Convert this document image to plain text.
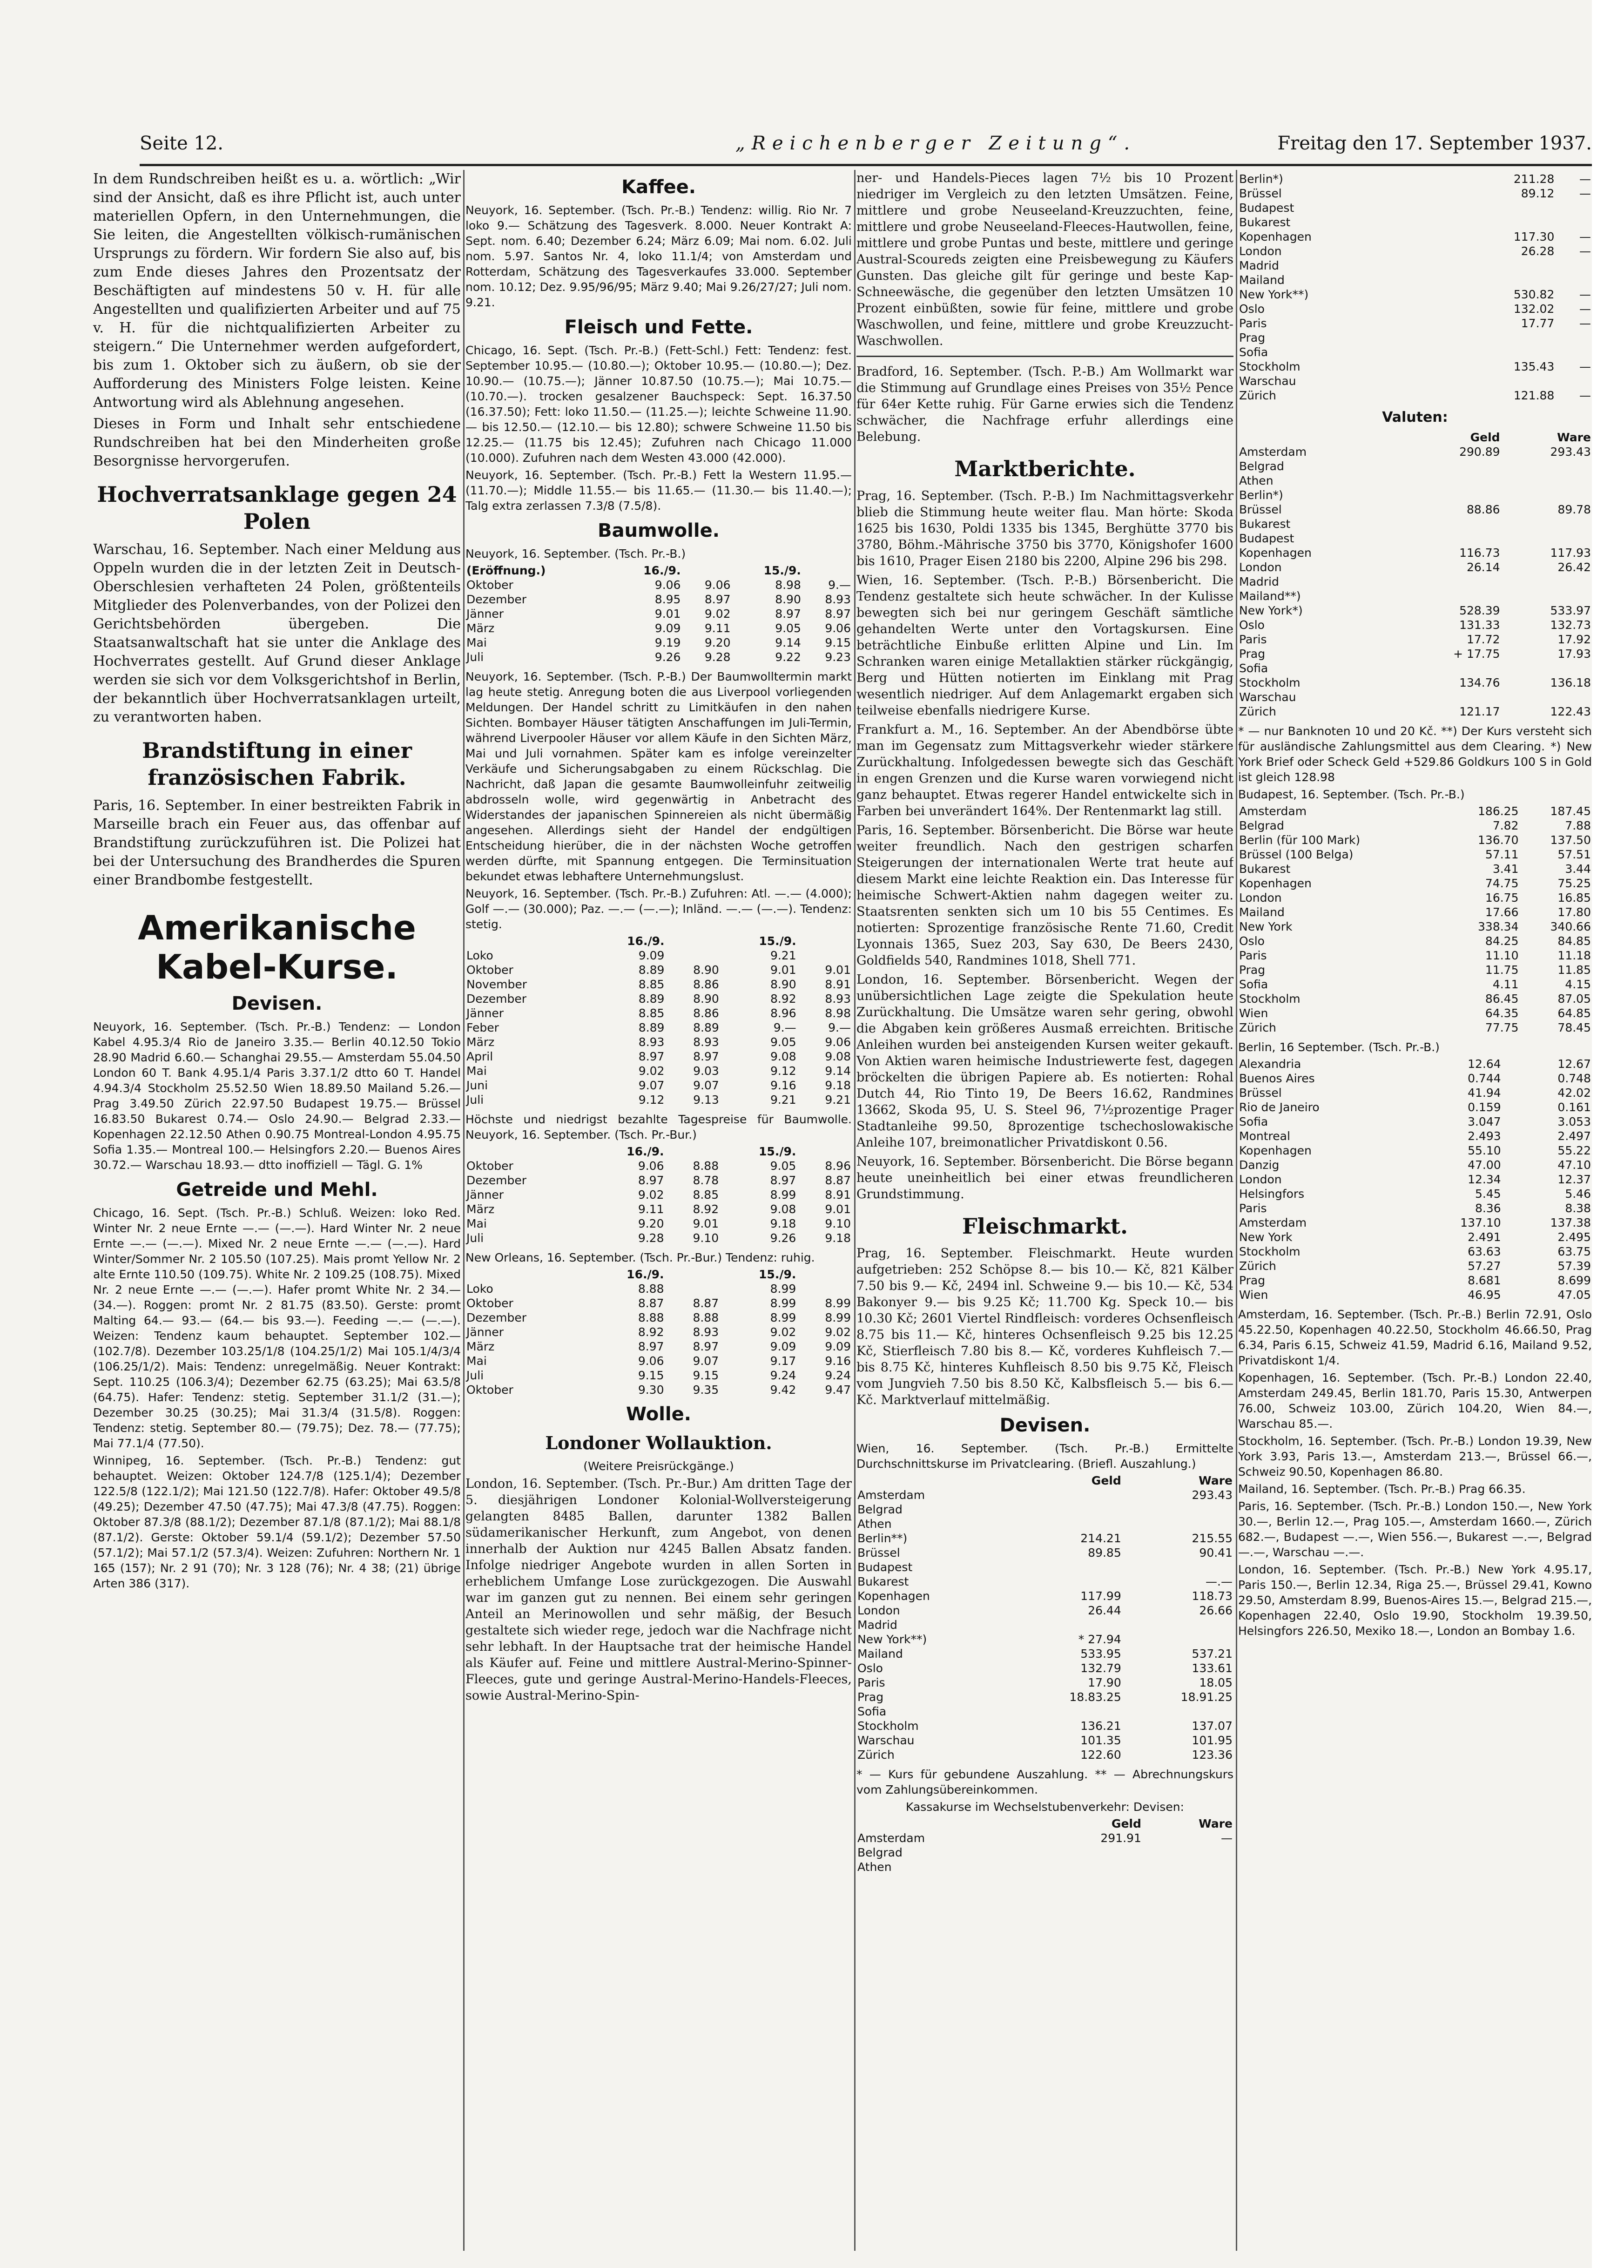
Seite 12.	„Reichenberger Zeitung“.	Freitag den 17. September 1937.

In dem Rundschreiben heißt es u. a. wörtlich: „Wir sind der Ansicht, daß es ihre Pflicht ist, auch unter materiellen Opfern, in den Unternehmungen, die Sie leiten, die Angestellten völkisch-rumänischen Ursprungs zu fördern. Wir fordern Sie also auf, bis zum Ende dieses Jahres den Prozentsatz der Beschäftigten auf mindestens 50 v. H. für alle Angestellten und qualifizierten Arbeiter und auf 75 v. H. für die nichtqualifizierten Arbeiter zu steigern.“ Die Unternehmer werden aufgefordert, bis zum 1. Oktober sich zu äußern, ob sie der Aufforderung des Ministers Folge leisten. Keine Antwortung wird als Ablehnung angesehen.

Dieses in Form und Inhalt sehr entschiedene Rundschreiben hat bei den Minderheiten große Besorgnisse hervorgerufen.

Hochverratsanklage gegen 24 Polen

Warschau, 16. September. Nach einer Meldung aus Oppeln wurden die in der letzten Zeit in Deutsch-Oberschlesien verhafteten 24 Polen, größtenteils Mitglieder des Polenverbandes, von der Polizei den Gerichtsbehörden übergeben. Die Staatsanwaltschaft hat sie unter die Anklage des Hochverrates gestellt. Auf Grund dieser Anklage werden sie sich vor dem Volksgerichtshof in Berlin, der bekanntlich über Hochverratsanklagen urteilt, zu verantworten haben.

Brandstiftung in einer französischen Fabrik.

Paris, 16. September. In einer bestreikten Fabrik in Marseille brach ein Feuer aus, das offenbar auf Brandstiftung zurückzuführen ist. Die Polizei hat bei der Untersuchung des Brandherdes die Spuren einer Brandbombe festgestellt.

Amerikanische Kabel-Kurse.
Devisen.

Neuyork, 16. September. (Tsch. Pr.-B.) Tendenz: — London Kabel 4.95.3/4 Rio de Janeiro 3.35.— Berlin 40.12.50 Tokio 28.90 Madrid 6.60.— Schanghai 29.55.— Amsterdam 55.04.50 London 60 T. Bank 4.95.1/4 Paris 3.37.1/2 dtto 60 T. Handel 4.94.3/4 Stockholm 25.52.50 Wien 18.89.50 Mailand 5.26.— Prag 3.49.50 Zürich 22.97.50 Budapest 19.75.— Brüssel 16.83.50 Bukarest 0.74.— Oslo 24.90.— Belgrad 2.33.— Kopenhagen 22.12.50 Athen 0.90.75 Montreal-London 4.95.75 Sofia 1.35.— Montreal 100.— Helsingfors 2.20.— Buenos Aires 30.72.— Warschau 18.93.— dtto inoffiziell — Tägl. G. 1%

Getreide und Mehl.

Chicago, 16. Sept. (Tsch. Pr.-B.) Schluß. Weizen: loko Red. Winter Nr. 2 neue Ernte —.— (—.—). Hard Winter Nr. 2 neue Ernte —.— (—.—). Mixed Nr. 2 neue Ernte —.— (—.—). Hard Winter/Sommer Nr. 2 105.50 (107.25). Mais promt Yellow Nr. 2 alte Ernte 110.50 (109.75). White Nr. 2 109.25 (108.75). Mixed Nr. 2 neue Ernte —.— (—.—). Hafer promt White Nr. 2 34.— (34.—). Roggen: promt Nr. 2 81.75 (83.50). Gerste: promt Malting 64.— 93.— (64.— bis 93.—). Feeding —.— (—.—). Weizen: Tendenz kaum behauptet. September 102.— (102.7/8). Dezember 103.25/1/8 (104.25/1/2) Mai 105.1/4/3/4 (106.25/1/2). Mais: Tendenz: unregelmäßig. Neuer Kontrakt: Sept. 110.25 (106.3/4); Dezember 62.75 (63.25); Mai 63.5/8 (64.75). Hafer: Tendenz: stetig. September 31.1/2 (31.—); Dezember 30.25 (30.25); Mai 31.3/4 (31.5/8). Roggen: Tendenz: stetig. September 80.— (79.75); Dez. 78.— (77.75); Mai 77.1/4 (77.50).

Winnipeg, 16. September. (Tsch. Pr.-B.) Tendenz: gut behauptet. Weizen: Oktober 124.7/8 (125.1/4); Dezember 122.5/8 (122.1/2); Mai 121.50 (122.7/8). Hafer: Oktober 49.5/8 (49.25); Dezember 47.50 (47.75); Mai 47.3/8 (47.75). Roggen: Oktober 87.3/8 (88.1/2); Dezember 87.1/8 (87.1/2); Mai 88.1/8 (87.1/2). Gerste: Oktober 59.1/4 (59.1/2); Dezember 57.50 (57.1/2); Mai 57.1/2 (57.3/4). Weizen: Zufuhren: Northern Nr. 1 165 (157); Nr. 2 91 (70); Nr. 3 128 (76); Nr. 4 38; (21) übrige Arten 386 (317).

Kaffee.

Neuyork, 16. September. (Tsch. Pr.-B.) Tendenz: willig. Rio Nr. 7 loko 9.— Schätzung des Tagesverk. 8.000. Neuer Kontrakt A: Sept. nom. 6.40; Dezember 6.24; März 6.09; Mai nom. 6.02. Juli nom. 5.97. Santos Nr. 4, loko 11.1/4; von Amsterdam und Rotterdam, Schätzung des Tagesverkaufes 33.000. September nom. 10.12; Dez. 9.95/96/95; März 9.40; Mai 9.26/27/27; Juli nom. 9.21.

Fleisch und Fette.

Chicago, 16. Sept. (Tsch. Pr.-B.) (Fett-Schl.) Fett: Tendenz: fest. September 10.95.— (10.80.—); Oktober 10.95.— (10.80.—); Dez. 10.90.— (10.75.—); Jänner 10.87.50 (10.75.—); Mai 10.75.— (10.70.—). trocken gesalzener Bauchspeck: Sept. 16.37.50 (16.37.50); Fett: loko 11.50.— (11.25.—); leichte Schweine 11.90.— bis 12.50.— (12.10.— bis 12.80); schwere Schweine 11.50 bis 12.25.— (11.75 bis 12.45); Zufuhren nach Chicago 11.000 (10.000). Zufuhren nach dem Westen 43.000 (42.000).

Neuyork, 16. September. (Tsch. Pr.-B.) Fett la Western 11.95.— (11.70.—); Middle 11.55.— bis 11.65.— (11.30.— bis 11.40.—); Talg extra zerlassen 7.3/8 (7.5/8).

Baumwolle.

Neuyork, 16. September. (Tsch. Pr.-B.)

(Eröffnung.)	16./9.		15./9.	
Oktober	9.06	9.06	8.98	9.—
Dezember	8.95	8.97	8.90	8.93
Jänner	9.01	9.02	8.97	8.97
März	9.09	9.11	9.05	9.06
Mai	9.19	9.20	9.14	9.15
Juli	9.26	9.28	9.22	9.23

Neuyork, 16. September. (Tsch. P.-B.) Der Baumwolltermin markt lag heute stetig. Anregung boten die aus Liverpool vorliegenden Meldungen. Der Handel schritt zu Limitkäufen in den nahen Sichten. Bombayer Häuser tätigten Anschaffungen im Juli-Termin, während Liverpooler Häuser vor allem Käufe in den Sichten März, Mai und Juli vornahmen. Später kam es infolge vereinzelter Verkäufe und Sicherungsabgaben zu einem Rückschlag. Die Nachricht, daß Japan die gesamte Baumwolleinfuhr zeitweilig abdrosseln wolle, wird gegenwärtig in Anbetracht des Widerstandes der japanischen Spinnereien als nicht übermäßig angesehen. Allerdings sieht der Handel der endgültigen Entscheidung hierüber, die in der nächsten Woche getroffen werden dürfte, mit Spannung entgegen. Die Terminsituation bekundet etwas lebhaftere Unternehmungslust.

Neuyork, 16. September. (Tsch. Pr.-B.) Zufuhren: Atl. —.— (4.000); Golf —.— (30.000); Paz. —.— (—.—); Inländ. —.— (—.—). Tendenz: stetig.

	16./9.		15./9.	
Loko	9.09		9.21	
Oktober	8.89	8.90	9.01	9.01
November	8.85	8.86	8.90	8.91
Dezember	8.89	8.90	8.92	8.93
Jänner	8.85	8.86	8.96	8.98
Feber	8.89	8.89	9.—	9.—
März	8.93	8.93	9.05	9.06
April	8.97	8.97	9.08	9.08
Mai	9.02	9.03	9.12	9.14
Juni	9.07	9.07	9.16	9.18
Juli	9.12	9.13	9.21	9.21

Höchste und niedrigst bezahlte Tagespreise für Baumwolle. Neuyork, 16. September. (Tsch. Pr.-Bur.)

	16./9.		15./9.	
Oktober	9.06	8.88	9.05	8.96
Dezember	8.97	8.78	8.97	8.87
Jänner	9.02	8.85	8.99	8.91
März	9.11	8.92	9.08	9.01
Mai	9.20	9.01	9.18	9.10
Juli	9.28	9.10	9.26	9.18

New Orleans, 16. September. (Tsch. Pr.-Bur.) Tendenz: ruhig.

	16./9.		15./9.	
Loko	8.88		8.99	
Oktober	8.87	8.87	8.99	8.99
Dezember	8.88	8.88	8.99	8.99
Jänner	8.92	8.93	9.02	9.02
März	8.97	8.97	9.09	9.09
Mai	9.06	9.07	9.17	9.16
Juli	9.15	9.15	9.24	9.24
Oktober	9.30	9.35	9.42	9.47
Wolle.
Londoner Wollauktion.

(Weitere Preisrückgänge.)

London, 16. September. (Tsch. Pr.-Bur.) Am dritten Tage der 5. diesjährigen Londoner Kolonial-Wollversteigerung gelangten 8485 Ballen, darunter 1382 Ballen südamerikanischer Herkunft, zum Angebot, von denen innerhalb der Auktion nur 4245 Ballen Absatz fanden. Infolge niedriger Angebote wurden in allen Sorten in erheblichem Umfange Lose zurückgezogen. Die Auswahl war im ganzen gut zu nennen. Bei einem sehr geringen Anteil an Merinowollen und sehr mäßig, der Besuch gestaltete sich wieder rege, jedoch war die Nachfrage nicht sehr lebhaft. In der Hauptsache trat der heimische Handel als Käufer auf. Feine und mittlere Austral-Merino-Spinner-Fleeces, gute und geringe Austral-Merino-Handels-Fleeces, sowie Austral-Merino-Spin-

ner- und Handels-Pieces lagen 7½ bis 10 Prozent niedriger im Vergleich zu den letzten Umsätzen. Feine, mittlere und grobe Neuseeland-Kreuzzuchten, feine, mittlere und grobe Neuseeland-Fleeces-Hautwollen, feine, mittlere und grobe Puntas und beste, mittlere und geringe Austral-Scoureds zeigten eine Preisbewegung zu Käufers Gunsten. Das gleiche gilt für geringe und beste Kap-Schneewäsche, die gegenüber den letzten Umsätzen 10 Prozent einbüßten, sowie für feine, mittlere und grobe Waschwollen, und feine, mittlere und grobe Kreuzzucht-Waschwollen.

Bradford, 16. September. (Tsch. P.-B.) Am Wollmarkt war die Stimmung auf Grundlage eines Preises von 35½ Pence für 64er Kette ruhig. Für Garne erwies sich die Tendenz schwächer, die Nachfrage erfuhr allerdings eine Belebung.

Marktberichte.

Prag, 16. September. (Tsch. P.-B.) Im Nachmittagsverkehr blieb die Stimmung heute weiter flau. Man hörte: Skoda 1625 bis 1630, Poldi 1335 bis 1345, Berghütte 3770 bis 3780, Böhm.-Mährische 3750 bis 3770, Königshofer 1600 bis 1610, Prager Eisen 2180 bis 2200, Alpine 296 bis 298.

Wien, 16. September. (Tsch. P.-B.) Börsenbericht. Die Tendenz gestaltete sich heute schwächer. In der Kulisse bewegten sich bei nur geringem Geschäft sämtliche gehandelten Werte unter den Vortagskursen. Eine beträchtliche Einbuße erlitten Alpine und Lin. Im Schranken waren einige Metallaktien stärker rückgängig, Berg und Hütten notierten im Einklang mit Prag wesentlich niedriger. Auf dem Anlagemarkt ergaben sich teilweise ebenfalls niedrigere Kurse.

Frankfurt a. M., 16. September. An der Abendbörse übte man im Gegensatz zum Mittagsverkehr wieder stärkere Zurückhaltung. Infolgedessen bewegte sich das Geschäft in engen Grenzen und die Kurse waren vorwiegend nicht ganz behauptet. Etwas regerer Handel entwickelte sich in Farben bei unverändert 164%. Der Rentenmarkt lag still.

Paris, 16. September. Börsenbericht. Die Börse war heute weiter freundlich. Nach den gestrigen scharfen Steigerungen der internationalen Werte trat heute auf diesem Markt eine leichte Reaktion ein. Das Interesse für heimische Schwert-Aktien nahm dagegen weiter zu. Staatsrenten senkten sich um 10 bis 55 Centimes. Es notierten: Sprozentige französische Rente 71.60, Credit Lyonnais 1365, Suez 203, Say 630, De Beers 2430, Goldfields 540, Randmines 1018, Shell 771.

London, 16. September. Börsenbericht. Wegen der unübersichtlichen Lage zeigte die Spekulation heute Zurückhaltung. Die Umsätze waren sehr gering, obwohl die Abgaben kein größeres Ausmaß erreichten. Britische Anleihen wurden bei ansteigenden Kursen weiter gekauft. Von Aktien waren heimische Industriewerte fest, dagegen bröckelten die übrigen Papiere ab. Es notierten: Rohal Dutch 44, Rio Tinto 19, De Beers 16.62, Randmines 13662, Skoda 95, U. S. Steel 96, 7½prozentige Prager Stadtanleihe 99.50, 8prozentige tschechoslowakische Anleihe 107, breimonatlicher Privatdiskont 0.56.

Neuyork, 16. September. Börsenbericht. Die Börse begann heute uneinheitlich bei einer etwas freundlicheren Grundstimmung.

Fleischmarkt.

Prag, 16. September. Fleischmarkt. Heute wurden aufgetrieben: 252 Schöpse 8.— bis 10.— Kč, 821 Kälber 7.50 bis 9.— Kč, 2494 inl. Schweine 9.— bis 10.— Kč, 534 Bakonyer 9.— bis 9.25 Kč; 11.700 Kg. Speck 10.— bis 10.30 Kč; 2601 Viertel Rindfleisch: vorderes Ochsenfleisch 8.75 bis 11.— Kč, hinteres Ochsenfleisch 9.25 bis 12.25 Kč, Stierfleisch 7.80 bis 8.— Kč, vorderes Kuhfleisch 7.— bis 8.75 Kč, hinteres Kuhfleisch 8.50 bis 9.75 Kč, Fleisch vom Jungvieh 7.50 bis 8.50 Kč, Kalbsfleisch 5.— bis 6.— Kč. Marktverlauf mittelmäßig.

Devisen.

Wien, 16. September. (Tsch. Pr.-B.) Ermittelte Durchschnittskurse im Privatclearing. (Briefl. Auszahlung.)

	Geld	Ware
Amsterdam		293.43
Belgrad		
Athen		
Berlin**)	214.21	215.55
Brüssel	89.85	90.41
Budapest		
Bukarest		—.—
Kopenhagen	117.99	118.73
London	26.44	26.66
Madrid		
New York**)	* 27.94	
Mailand	533.95	537.21
Oslo	132.79	133.61
Paris	17.90	18.05
Prag	18.83.25	18.91.25
Sofia		
Stockholm	136.21	137.07
Warschau	101.35	101.95
Zürich	122.60	123.36

* — Kurs für gebundene Auszahlung. ** — Abrechnungskurs vom Zahlungsübereinkommen.

Kassakurse im Wechselstubenverkehr: Devisen:

	Geld	Ware
Amsterdam	291.91	—
Belgrad		
Athen		
Berlin*)	211.28	—
Brüssel	89.12	—
Budapest		
Bukarest		
Kopenhagen	117.30	—
London	26.28	—
Madrid		
Mailand		
New York**)	530.82	—
Oslo	132.02	—
Paris	17.77	—
Prag		
Sofia		
Stockholm	135.43	—
Warschau		
Zürich	121.88	—
Valuten:
	Geld	Ware
Amsterdam	290.89	293.43
Belgrad		
Athen		
Berlin*)		
Brüssel	88.86	89.78
Bukarest		
Budapest		
Kopenhagen	116.73	117.93
London	26.14	26.42
Madrid		
Mailand**)		
New York*)	528.39	533.97
Oslo	131.33	132.73
Paris	17.72	17.92
Prag	+ 17.75	17.93
Sofia		
Stockholm	134.76	136.18
Warschau		
Zürich	121.17	122.43

* — nur Banknoten 10 und 20 Kč. **) Der Kurs versteht sich für ausländische Zahlungsmittel aus dem Clearing. *) New York Brief oder Scheck Geld +529.86 Goldkurs 100 S in Gold ist gleich 128.98

Budapest, 16. September. (Tsch. Pr.-B.)

Amsterdam	186.25	187.45
Belgrad	7.82	7.88
Berlin (für 100 Mark)	136.70	137.50
Brüssel (100 Belga)	57.11	57.51
Bukarest	3.41	3.44
Kopenhagen	74.75	75.25
London	16.75	16.85
Mailand	17.66	17.80
New York	338.34	340.66
Oslo	84.25	84.85
Paris	11.10	11.18
Prag	11.75	11.85
Sofia	4.11	4.15
Stockholm	86.45	87.05
Wien	64.35	64.85
Zürich	77.75	78.45

Berlin, 16 September. (Tsch. Pr.-B.)

Alexandria	12.64	12.67
Buenos Aires	0.744	0.748
Brüssel	41.94	42.02
Rio de Janeiro	0.159	0.161
Sofia	3.047	3.053
Montreal	2.493	2.497
Kopenhagen	55.10	55.22
Danzig	47.00	47.10
London	12.34	12.37
Helsingfors	5.45	5.46
Paris	8.36	8.38
Amsterdam	137.10	137.38
New York	2.491	2.495
Stockholm	63.63	63.75
Zürich	57.27	57.39
Prag	8.681	8.699
Wien	46.95	47.05

Amsterdam, 16. September. (Tsch. Pr.-B.) Berlin 72.91, Oslo 45.22.50, Kopenhagen 40.22.50, Stockholm 46.66.50, Prag 6.34, Paris 6.15, Schweiz 41.59, Madrid 6.16, Mailand 9.52, Privatdiskont 1/4.

Kopenhagen, 16. September. (Tsch. Pr.-B.) London 22.40, Amsterdam 249.45, Berlin 181.70, Paris 15.30, Antwerpen 76.00, Schweiz 103.00, Zürich 104.20, Wien 84.—, Warschau 85.—.

Stockholm, 16. September. (Tsch. Pr.-B.) London 19.39, New York 3.93, Paris 13.—, Amsterdam 213.—, Brüssel 66.—, Schweiz 90.50, Kopenhagen 86.80.

Mailand, 16. September. (Tsch. Pr.-B.) Prag 66.35.

Paris, 16. September. (Tsch. Pr.-B.) London 150.—, New York 30.—, Berlin 12.—, Prag 105.—, Amsterdam 1660.—, Zürich 682.—, Budapest —.—, Wien 556.—, Bukarest —.—, Belgrad —.—, Warschau —.—.

London, 16. September. (Tsch. Pr.-B.) New York 4.95.17, Paris 150.—, Berlin 12.34, Riga 25.—, Brüssel 29.41, Kowno 29.50, Amsterdam 8.99, Buenos-Aires 15.—, Belgrad 215.—, Kopenhagen 22.40, Oslo 19.90, Stockholm 19.39.50, Helsingfors 226.50, Mexiko 18.—, London an Bombay 1.6.
